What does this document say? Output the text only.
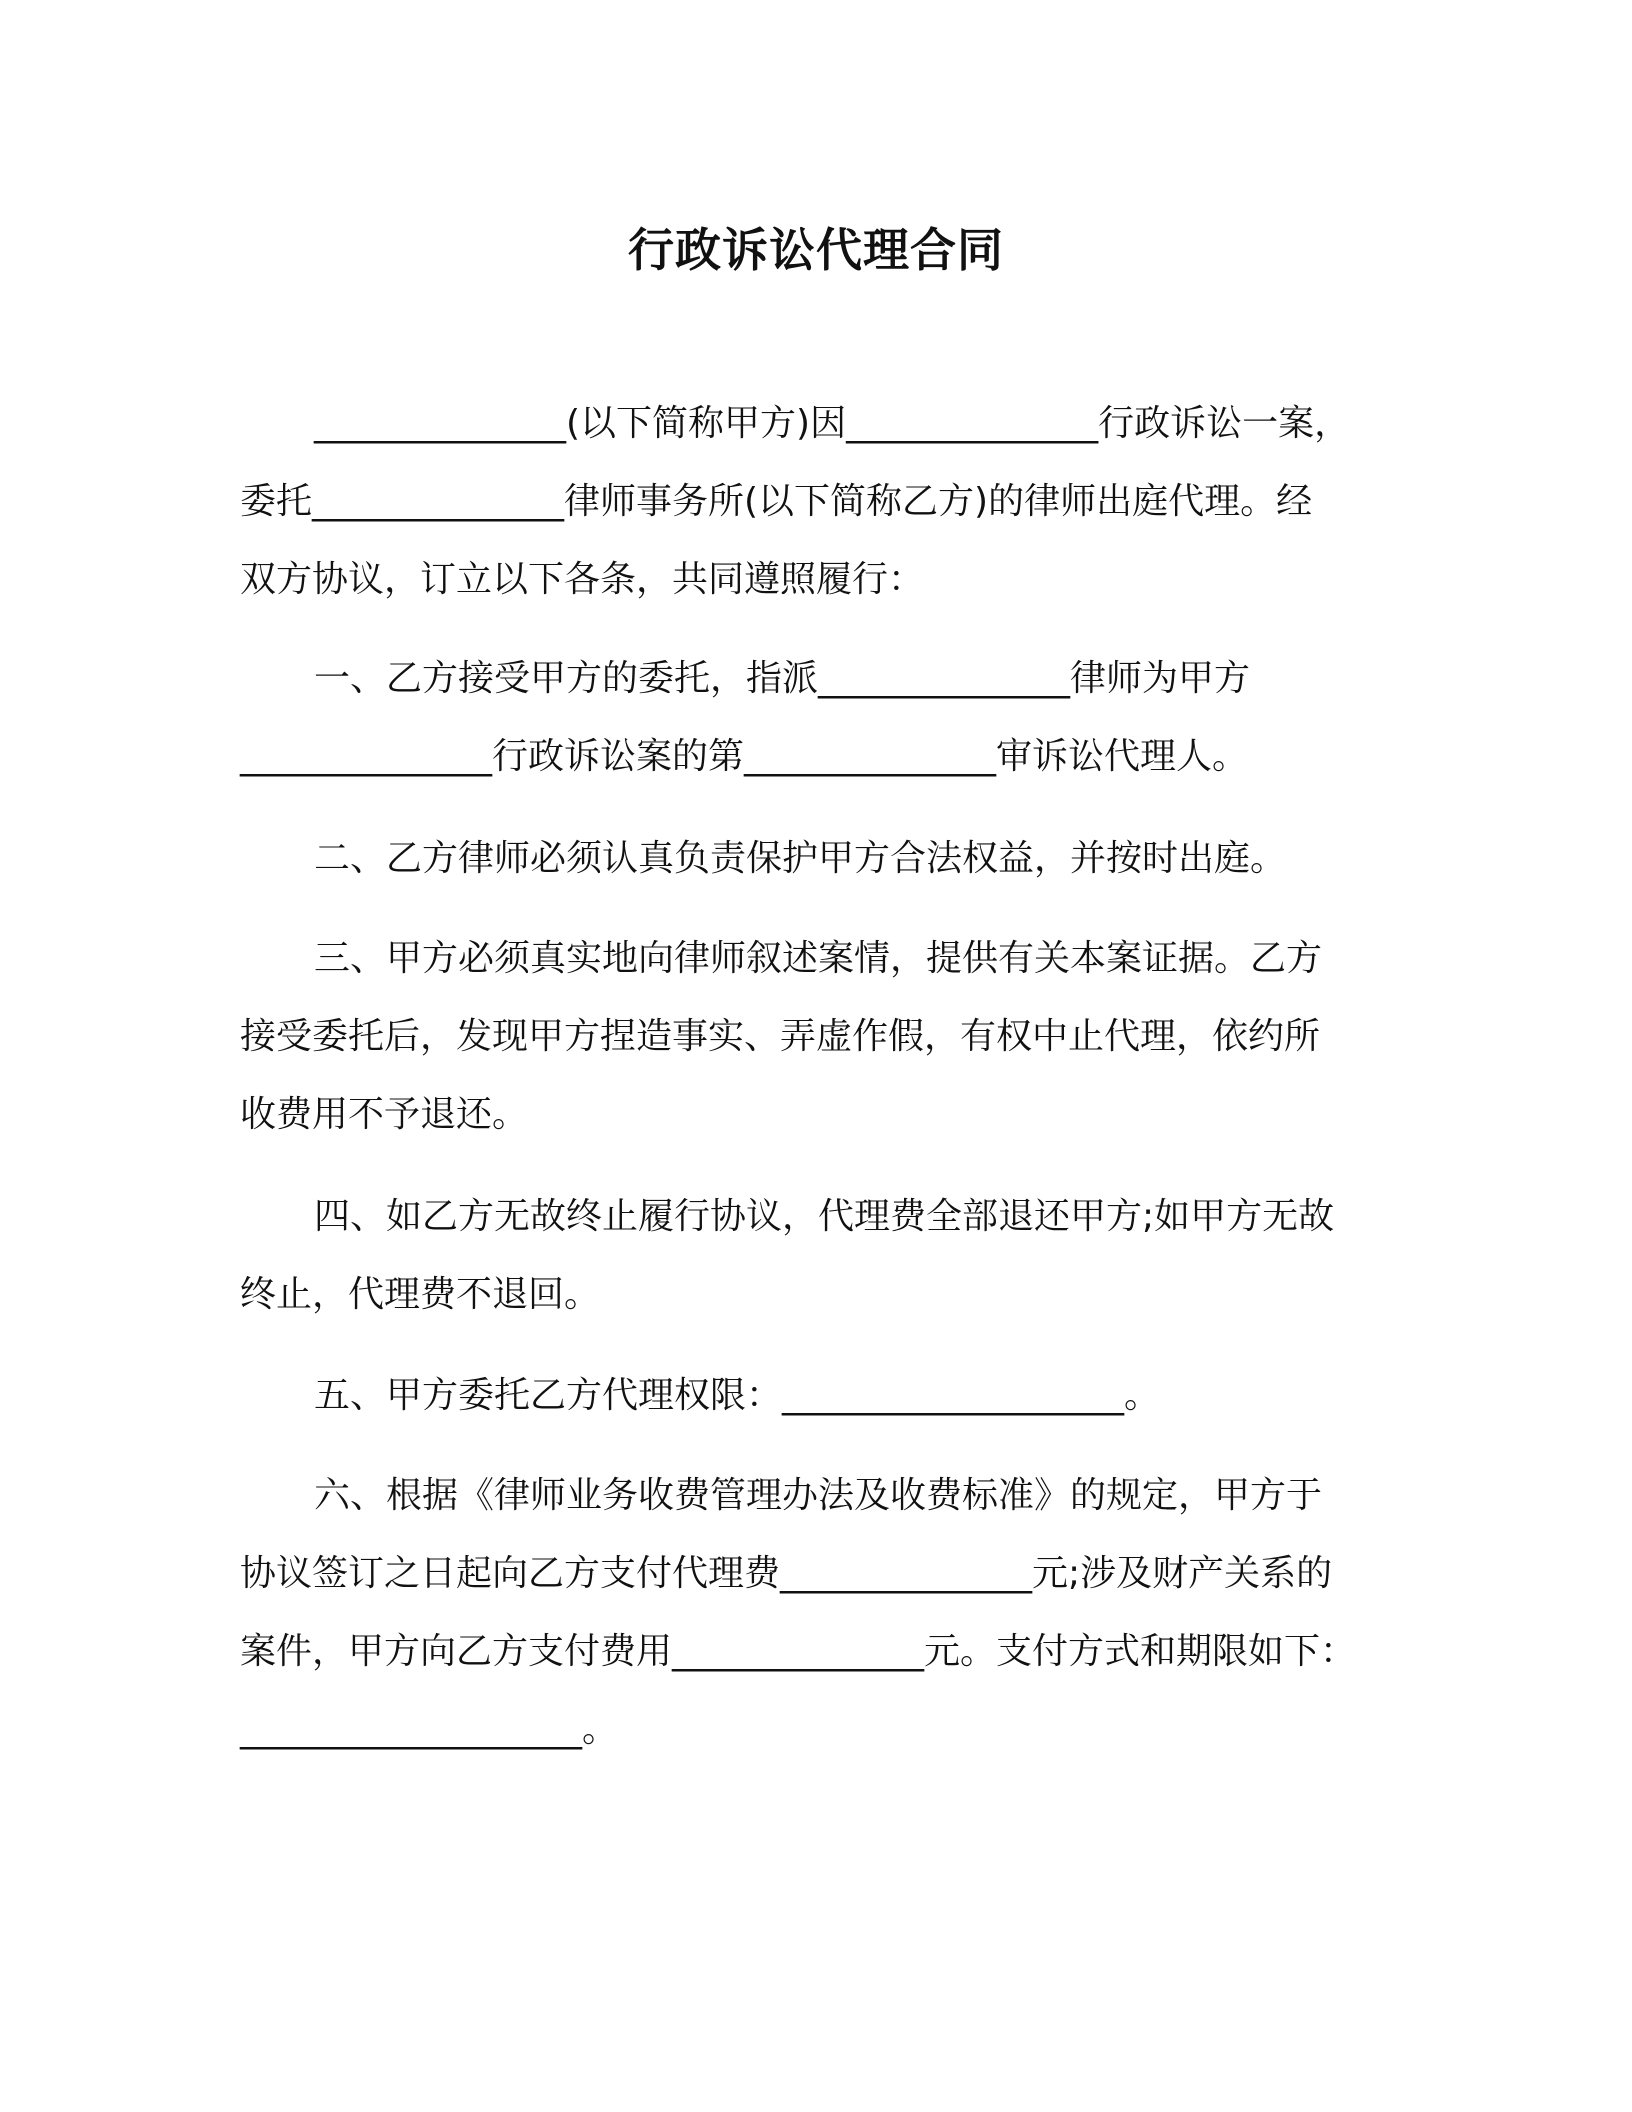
行政诉讼代理合同
______________(以下简称甲方)因______________行政诉讼一案，
委托______________律师事务所(以下简称乙方)的律师出庭代理。经
双方协议，订立以下各条，共同遵照履行：
一、乙方接受甲方的委托，指派______________律师为甲方
______________行政诉讼案的第______________审诉讼代理人。
二、乙方律师必须认真负责保护甲方合法权益，并按时出庭。
三、甲方必须真实地向律师叙述案情，提供有关本案证据。乙方
接受委托后，发现甲方捏造事实、弄虚作假，有权中止代理，依约所
收费用不予退还。
四、如乙方无故终止履行协议，代理费全部退还甲方;如甲方无故
终止，代理费不退回。
五、甲方委托乙方代理权限：___________________。
六、根据《律师业务收费管理办法及收费标准》的规定，甲方于
协议签订之日起向乙方支付代理费______________元;涉及财产关系的
案件，甲方向乙方支付费用______________元。支付方式和期限如下：
___________________。
